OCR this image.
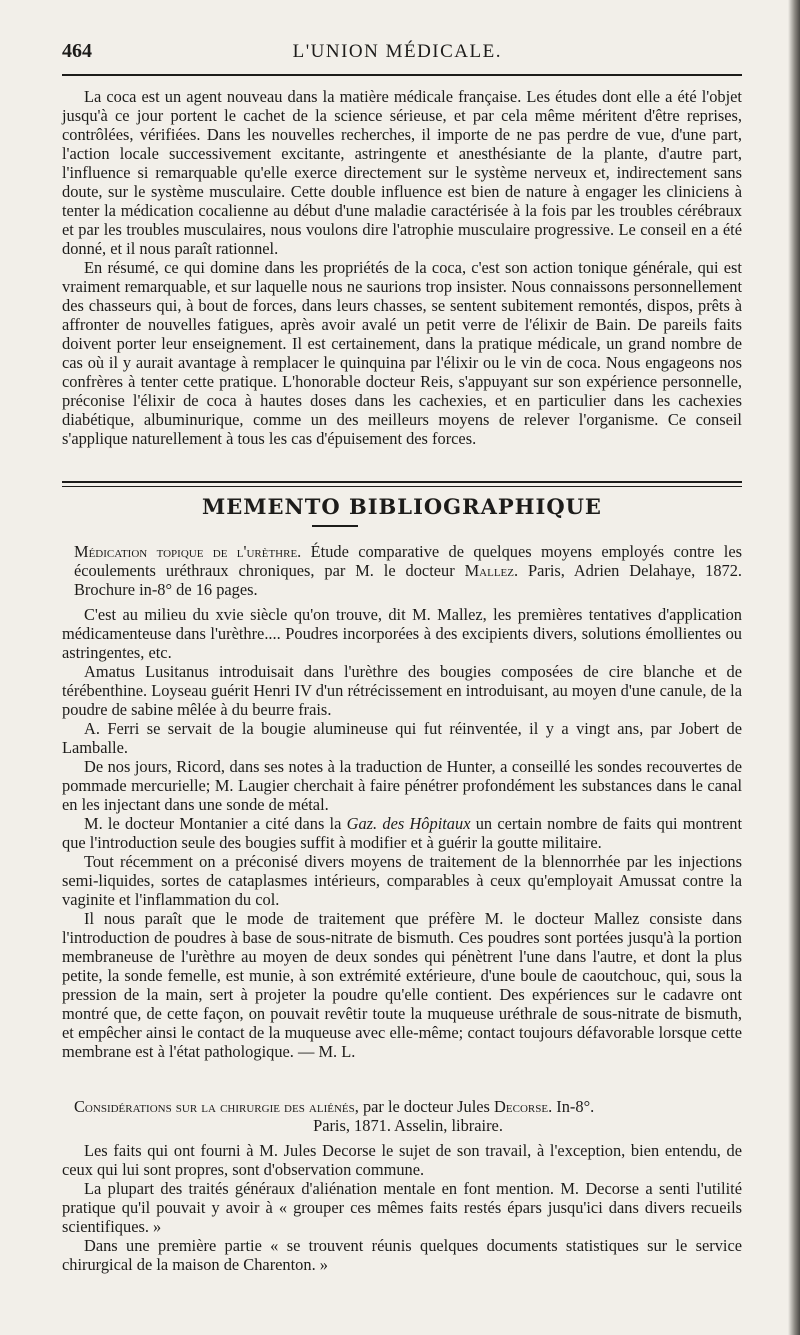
464	L'UNION MÉDICALE.

La coca est un agent nouveau dans la matière médicale française. Les études dont elle a été l'objet jusqu'à ce jour portent le cachet de la science sérieuse, et par cela même méritent d'être reprises, contrôlées, vérifiées. Dans les nouvelles recherches, il importe de ne pas perdre de vue, d'une part, l'action locale successivement excitante, astringente et anesthésiante de la plante, d'autre part, l'influence si remarquable qu'elle exerce directement sur le système nerveux et, indirectement sans doute, sur le système musculaire. Cette double influence est bien de nature à engager les cliniciens à tenter la médication cocalienne au début d'une maladie caractérisée à la fois par les troubles cérébraux et par les troubles musculaires, nous voulons dire l'atrophie musculaire progressive. Le conseil en a été donné, et il nous paraît rationnel.

En résumé, ce qui domine dans les propriétés de la coca, c'est son action tonique générale, qui est vraiment remarquable, et sur laquelle nous ne saurions trop insister. Nous connaissons personnellement des chasseurs qui, à bout de forces, dans leurs chasses, se sentent subitement remontés, dispos, prêts à affronter de nouvelles fatigues, après avoir avalé un petit verre de l'élixir de Bain. De pareils faits doivent porter leur enseignement. Il est certainement, dans la pratique médicale, un grand nombre de cas où il y aurait avantage à remplacer le quinquina par l'élixir ou le vin de coca. Nous engageons nos confrères à tenter cette pratique. L'honorable docteur Reis, s'appuyant sur son expérience personnelle, préconise l'élixir de coca à hautes doses dans les cachexies, et en particulier dans les cachexies diabétique, albuminurique, comme un des meilleurs moyens de relever l'organisme. Ce conseil s'applique naturellement à tous les cas d'épuisement des forces.

MEMENTO BIBLIOGRAPHIQUE

Médication topique de l'urèthre. Étude comparative de quelques moyens employés contre les écoulements uréthraux chroniques, par M. le docteur Mallez. Paris, Adrien Delahaye, 1872. Brochure in-8° de 16 pages.

C'est au milieu du xvie siècle qu'on trouve, dit M. Mallez, les premières tentatives d'application médicamenteuse dans l'urèthre.... Poudres incorporées à des excipients divers, solutions émollientes ou astringentes, etc.

Amatus Lusitanus introduisait dans l'urèthre des bougies composées de cire blanche et de térébenthine. Loyseau guérit Henri IV d'un rétrécissement en introduisant, au moyen d'une canule, de la poudre de sabine mêlée à du beurre frais.

A. Ferri se servait de la bougie alumineuse qui fut réinventée, il y a vingt ans, par Jobert de Lamballe.

De nos jours, Ricord, dans ses notes à la traduction de Hunter, a conseillé les sondes recouvertes de pommade mercurielle; M. Laugier cherchait à faire pénétrer profondément les substances dans le canal en les injectant dans une sonde de métal.

M. le docteur Montanier a cité dans la Gaz. des Hôpitaux un certain nombre de faits qui montrent que l'introduction seule des bougies suffit à modifier et à guérir la goutte militaire.

Tout récemment on a préconisé divers moyens de traitement de la blennorrhée par les injections semi-liquides, sortes de cataplasmes intérieurs, comparables à ceux qu'employait Amussat contre la vaginite et l'inflammation du col.

Il nous paraît que le mode de traitement que préfère M. le docteur Mallez consiste dans l'introduction de poudres à base de sous-nitrate de bismuth. Ces poudres sont portées jusqu'à la portion membraneuse de l'urèthre au moyen de deux sondes qui pénètrent l'une dans l'autre, et dont la plus petite, la sonde femelle, est munie, à son extrémité extérieure, d'une boule de caoutchouc, qui, sous la pression de la main, sert à projeter la poudre qu'elle contient. Des expériences sur le cadavre ont montré que, de cette façon, on pouvait revêtir toute la muqueuse uréthrale de sous-nitrate de bismuth, et empêcher ainsi le contact de la muqueuse avec elle-même; contact toujours défavorable lorsque cette membrane est à l'état pathologique. — M. L.

Considérations sur la chirurgie des aliénés, par le docteur Jules Decorse. In-8°.
Paris, 1871. Asselin, libraire.

Les faits qui ont fourni à M. Jules Decorse le sujet de son travail, à l'exception, bien entendu, de ceux qui lui sont propres, sont d'observation commune.

La plupart des traités généraux d'aliénation mentale en font mention. M. Decorse a senti l'utilité pratique qu'il pouvait y avoir à « grouper ces mêmes faits restés épars jusqu'ici dans divers recueils scientifiques. »

Dans une première partie « se trouvent réunis quelques documents statistiques sur le service chirurgical de la maison de Charenton. »
